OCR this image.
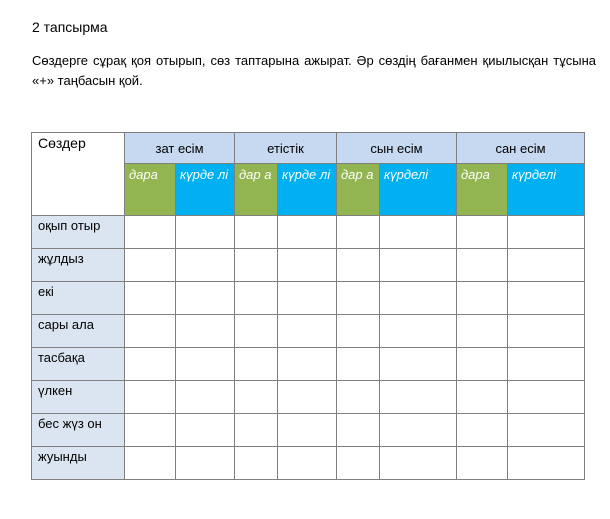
2 тапсырма
Сөздерге сұрақ қоя отырып, сөз таптарына ажырат. Әр сөздің бағанмен қиылысқан тұсына «+» таңбасын қой.
Сөздер	зат есім		етістік		сын есім		сан есім	
	дара	күрде лі	дар а	күрде лі	дар а	күрделі	дара	күрделі
оқып отыр								
жұлдыз								
екі								
сары ала								
тасбақа								
үлкен								
бес жүз он								
жуынды								
